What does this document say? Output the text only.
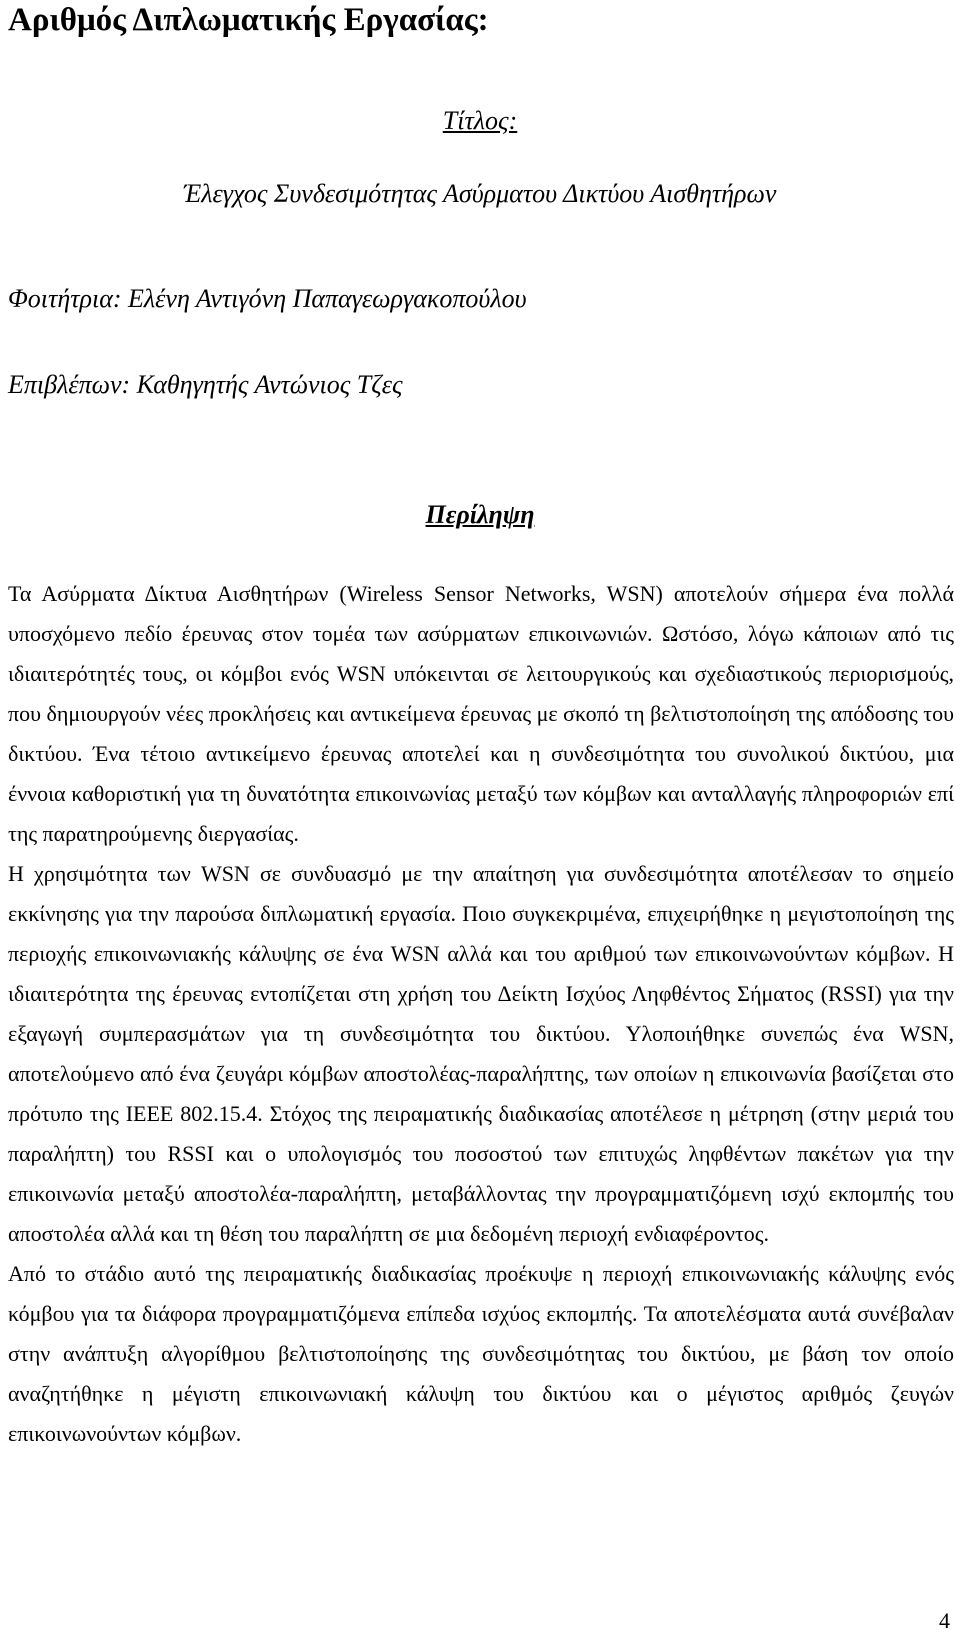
Αριθμός Διπλωματικής Εργασίας:
Τίτλος:
Έλεγχος Συνδεσιμότητας Ασύρματου Δικτύου Αισθητήρων
Φοιτήτρια: Ελένη Αντιγόνη Παπαγεωργακοπούλου
Επιβλέπων: Καθηγητής Αντώνιος Τζες
Περίληψη

Τα Ασύρματα Δίκτυα Αισθητήρων (Wireless Sensor Networks, WSN) αποτελούν σήμερα ένα πολλά υποσχόμενο πεδίο έρευνας στον τομέα των ασύρματων επικοινωνιών. Ωστόσο, λόγω κάποιων από τις ιδιαιτερότητές τους, οι κόμβοι ενός WSN υπόκεινται σε λειτουργικούς και σχεδιαστικούς περιορισμούς, που δημιουργούν νέες προκλήσεις και αντικείμενα έρευνας με σκοπό τη βελτιστοποίηση της απόδοσης του δικτύου. Ένα τέτοιο αντικείμενο έρευνας αποτελεί και η συνδεσιμότητα του συνολικού δικτύου, μια έννοια καθοριστική για τη δυνατότητα επικοινωνίας μεταξύ των κόμβων και ανταλλαγής πληροφοριών επί της παρατηρούμενης διεργασίας.

Η χρησιμότητα των WSN σε συνδυασμό με την απαίτηση για συνδεσιμότητα αποτέλεσαν το σημείο εκκίνησης για την παρούσα διπλωματική εργασία. Ποιο συγκεκριμένα, επιχειρήθηκε η μεγιστοποίηση της περιοχής επικοινωνιακής κάλυψης σε ένα WSN αλλά και του αριθμού των επικοινωνούντων κόμβων. Η ιδιαιτερότητα της έρευνας εντοπίζεται στη χρήση του Δείκτη Ισχύος Ληφθέντος Σήματος (RSSI) για την εξαγωγή συμπερασμάτων για τη συνδεσιμότητα του δικτύου. Υλοποιήθηκε συνεπώς ένα WSN, αποτελούμενο από ένα ζευγάρι κόμβων αποστολέας-παραλήπτης, των οποίων η επικοινωνία βασίζεται στο πρότυπο της IEEE 802.15.4. Στόχος της πειραματικής διαδικασίας αποτέλεσε η μέτρηση (στην μεριά του παραλήπτη) του RSSI και ο υπολογισμός του ποσοστού των επιτυχώς ληφθέντων πακέτων για την επικοινωνία μεταξύ αποστολέα-παραλήπτη, μεταβάλλοντας την προγραμματιζόμενη ισχύ εκπομπής του αποστολέα αλλά και τη θέση του παραλήπτη σε μια δεδομένη περιοχή ενδιαφέροντος.

Από το στάδιο αυτό της πειραματικής διαδικασίας προέκυψε η περιοχή επικοινωνιακής κάλυψης ενός κόμβου για τα διάφορα προγραμματιζόμενα επίπεδα ισχύος εκπομπής. Τα αποτελέσματα αυτά συνέβαλαν στην ανάπτυξη αλγορίθμου βελτιστοποίησης της συνδεσιμότητας του δικτύου, με βάση τον οποίο αναζητήθηκε η μέγιστη επικοινωνιακή κάλυψη του δικτύου και ο μέγιστος αριθμός ζευγών επικοινωνούντων κόμβων.

4
